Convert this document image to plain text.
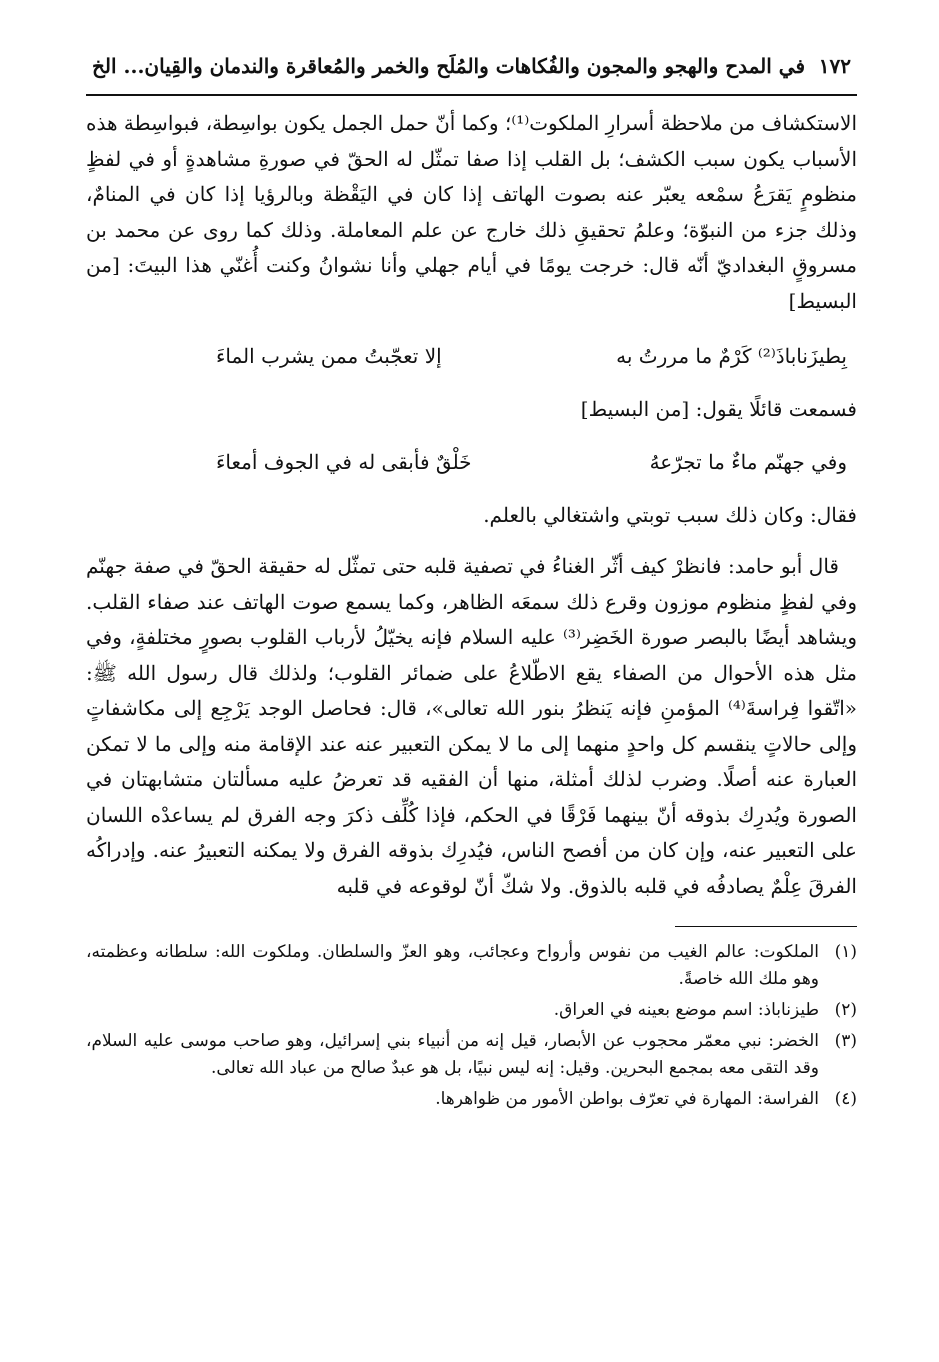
١٧٢
في المدح والهجو والمجون والفُكاهات والمُلَح والخمر والمُعاقرة والندمان والقِيان... الخ

الاستكشاف من ملاحظة أسرارِ الملكوت⁽¹⁾؛ وكما أنّ حمل الجمل يكون بواسِطة، فبواسِطة هذه الأسباب يكون سبب الكشف؛ بل القلب إذا صفا تمثّل له الحقّ في صورةِ مشاهدةٍ أو في لفظٍ منظومٍ يَقرَعُ سمْعه يعبّر عنه بصوت الهاتف إذا كان في اليَقْظة وبالرؤيا إذا كان في المنامٌ، وذلك جزء من النبوّة؛ وعلمُ تحقيقِ ذلك خارج عن علم المعاملة. وذلك كما روى عن محمد بن مسروقٍ البغداديّ أنّه قال: خرجت يومًا في أيام جهلي وأنا نشوانُ وكنت أُغنّي هذا البيتَ: [من البسيط]

بِطيزَناباذَ⁽²⁾ كَرْمٌ ما مررتُ به
إلا تعجّبتُ ممن يشرب الماءَ
فسمعت قائلًا يقول: [من البسيط]
وفي جهنّم ماءٌ ما تجرّعهُ
خَلْقٌ فأبقى له في الجوف أمعاءَ
فقال: وكان ذلك سبب توبتي واشتغالي بالعلم.

قال أبو حامد: فانظرْ كيف أثّر الغناءُ في تصفية قلبه حتى تمثّل له حقيقة الحقّ في صفة جهنّم وفي لفظٍ منظوم موزون وقرع ذلك سمعَه الظاهر، وكما يسمع صوت الهاتف عند صفاء القلب. ويشاهد أيضًا بالبصر صورة الخَضِر⁽³⁾ عليه السلام فإنه يخيّلُ لأرباب القلوب بصورٍ مختلفةٍ، وفي مثل هذه الأحوال من الصفاء يقع الاطّلاعُ على ضمائر القلوب؛ ولذلك قال رسول الله ﷺ: «اتّقوا فِراسةَ⁽⁴⁾ المؤمنِ فإنه يَنظرُ بنور الله تعالى»، قال: فحاصل الوجد يَرْجِع إلى مكاشفاتٍ وإلى حالاتٍ ينقسم كل واحدٍ منهما إلى ما لا يمكن التعبير عنه عند الإقامة منه وإلى ما لا تمكن العبارة عنه أصلًا. وضرب لذلك أمثلة، منها أن الفقيه قد تعرضُ عليه مسألتان متشابهتان في الصورة ويُدرِك بذوقه أنّ بينهما فَرْقًا في الحكم، فإذا كُلِّف ذكرَ وجه الفرق لم يساعدْه اللسان على التعبير عنه، وإن كان من أفصح الناس، فيُدرِك بذوقه الفرق ولا يمكنه التعبيرُ عنه. وإدراكُه الفرقَ عِلْمٌ يصادفُه في قلبه بالذوق. ولا شكّ أنّ لوقوعه في قلبه

(١)
الملكوت: عالم الغيب من نفوس وأرواح وعجائب، وهو العزّ والسلطان. وملكوت الله: سلطانه وعظمته، وهو ملك الله خاصةً.
(٢)
طيزناباذ: اسم موضع بعينه في العراق.
(٣)
الخضر: نبي معمّر محجوب عن الأبصار، قيل إنه من أنبياء بني إسرائيل، وهو صاحب موسى عليه السلام، وقد التقى معه بمجمع البحرين. وقيل: إنه ليس نبيًا، بل هو عبدٌ صالح من عباد الله تعالى.
(٤)
الفراسة: المهارة في تعرّف بواطن الأمور من ظواهرها.
